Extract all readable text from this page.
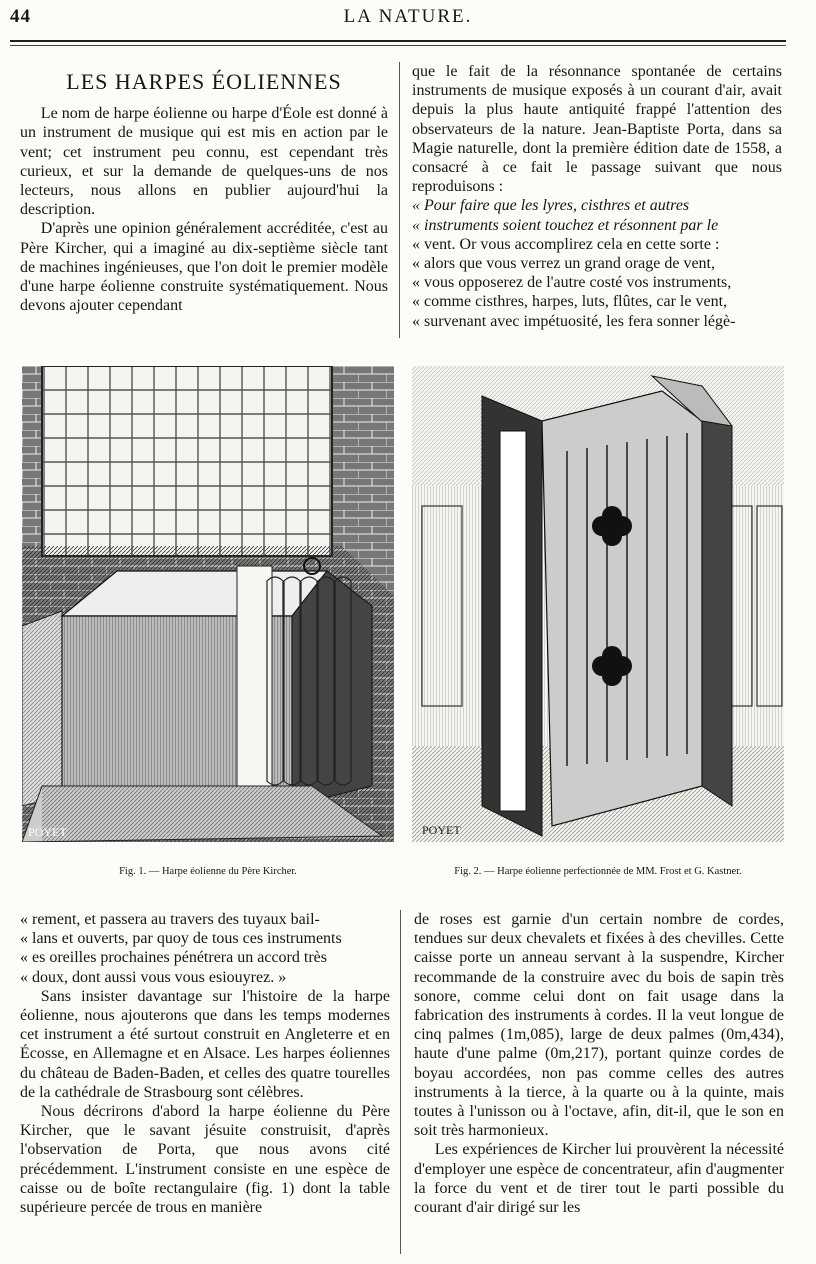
44	LA NATURE.
LES HARPES ÉOLIENNES

Le nom de harpe éolienne ou harpe d'Éole est donné à un instrument de musique qui est mis en action par le vent; cet instrument peu connu, est cependant très curieux, et sur la demande de quelques-uns de nos lecteurs, nous allons en publier aujourd'hui la description.

D'après une opinion généralement accréditée, c'est au Père Kircher, qui a imaginé au dix-septième siècle tant de machines ingénieuses, que l'on doit le premier modèle d'une harpe éolienne construite systématiquement. Nous devons ajouter cependant

que le fait de la résonnance spontanée de certains instruments de musique exposés à un courant d'air, avait depuis la plus haute antiquité frappé l'attention des observateurs de la nature. Jean-Baptiste Porta, dans sa Magie naturelle, dont la première édition date de 1558, a consacré à ce fait le passage suivant que nous reproduisons :

« Pour faire que les lyres, cisthres et autres

« instruments soient touchez et résonnent par le

« vent. Or vous accomplirez cela en cette sorte :

« alors que vous verrez un grand orage de vent,

« vous opposerez de l'autre costé vos instruments,

« comme cisthres, harpes, luts, flûtes, car le vent,

« survenant avec impétuosité, les fera sonner légè-

POYET
Fig. 1. — Harpe éolienne du Père Kircher.
POYET
Fig. 2. — Harpe éolienne perfectionnée de MM. Frost et G. Kastner.

« rement, et passera au travers des tuyaux bail-

« lans et ouverts, par quoy de tous ces instruments

« es oreilles prochaines pénétrera un accord très

« doux, dont aussi vous vous esiouyrez. »

Sans insister davantage sur l'histoire de la harpe éolienne, nous ajouterons que dans les temps modernes cet instrument a été surtout construit en Angleterre et en Écosse, en Allemagne et en Alsace. Les harpes éoliennes du château de Baden-Baden, et celles des quatre tourelles de la cathédrale de Strasbourg sont célèbres.

Nous décrirons d'abord la harpe éolienne du Père Kircher, que le savant jésuite construisit, d'après l'observation de Porta, que nous avons cité précédemment. L'instrument consiste en une espèce de caisse ou de boîte rectangulaire (fig. 1) dont la table supérieure percée de trous en manière

de roses est garnie d'un certain nombre de cordes, tendues sur deux chevalets et fixées à des chevilles. Cette caisse porte un anneau servant à la suspendre, Kircher recommande de la construire avec du bois de sapin très sonore, comme celui dont on fait usage dans la fabrication des instruments à cordes. Il la veut longue de cinq palmes (1m,085), large de deux palmes (0m,434), haute d'une palme (0m,217), portant quinze cordes de boyau accordées, non pas comme celles des autres instruments à la tierce, à la quarte ou à la quinte, mais toutes à l'unisson ou à l'octave, afin, dit-il, que le son en soit très harmonieux.

Les expériences de Kircher lui prouvèrent la nécessité d'employer une espèce de concentrateur, afin d'augmenter la force du vent et de tirer tout le parti possible du courant d'air dirigé sur les
